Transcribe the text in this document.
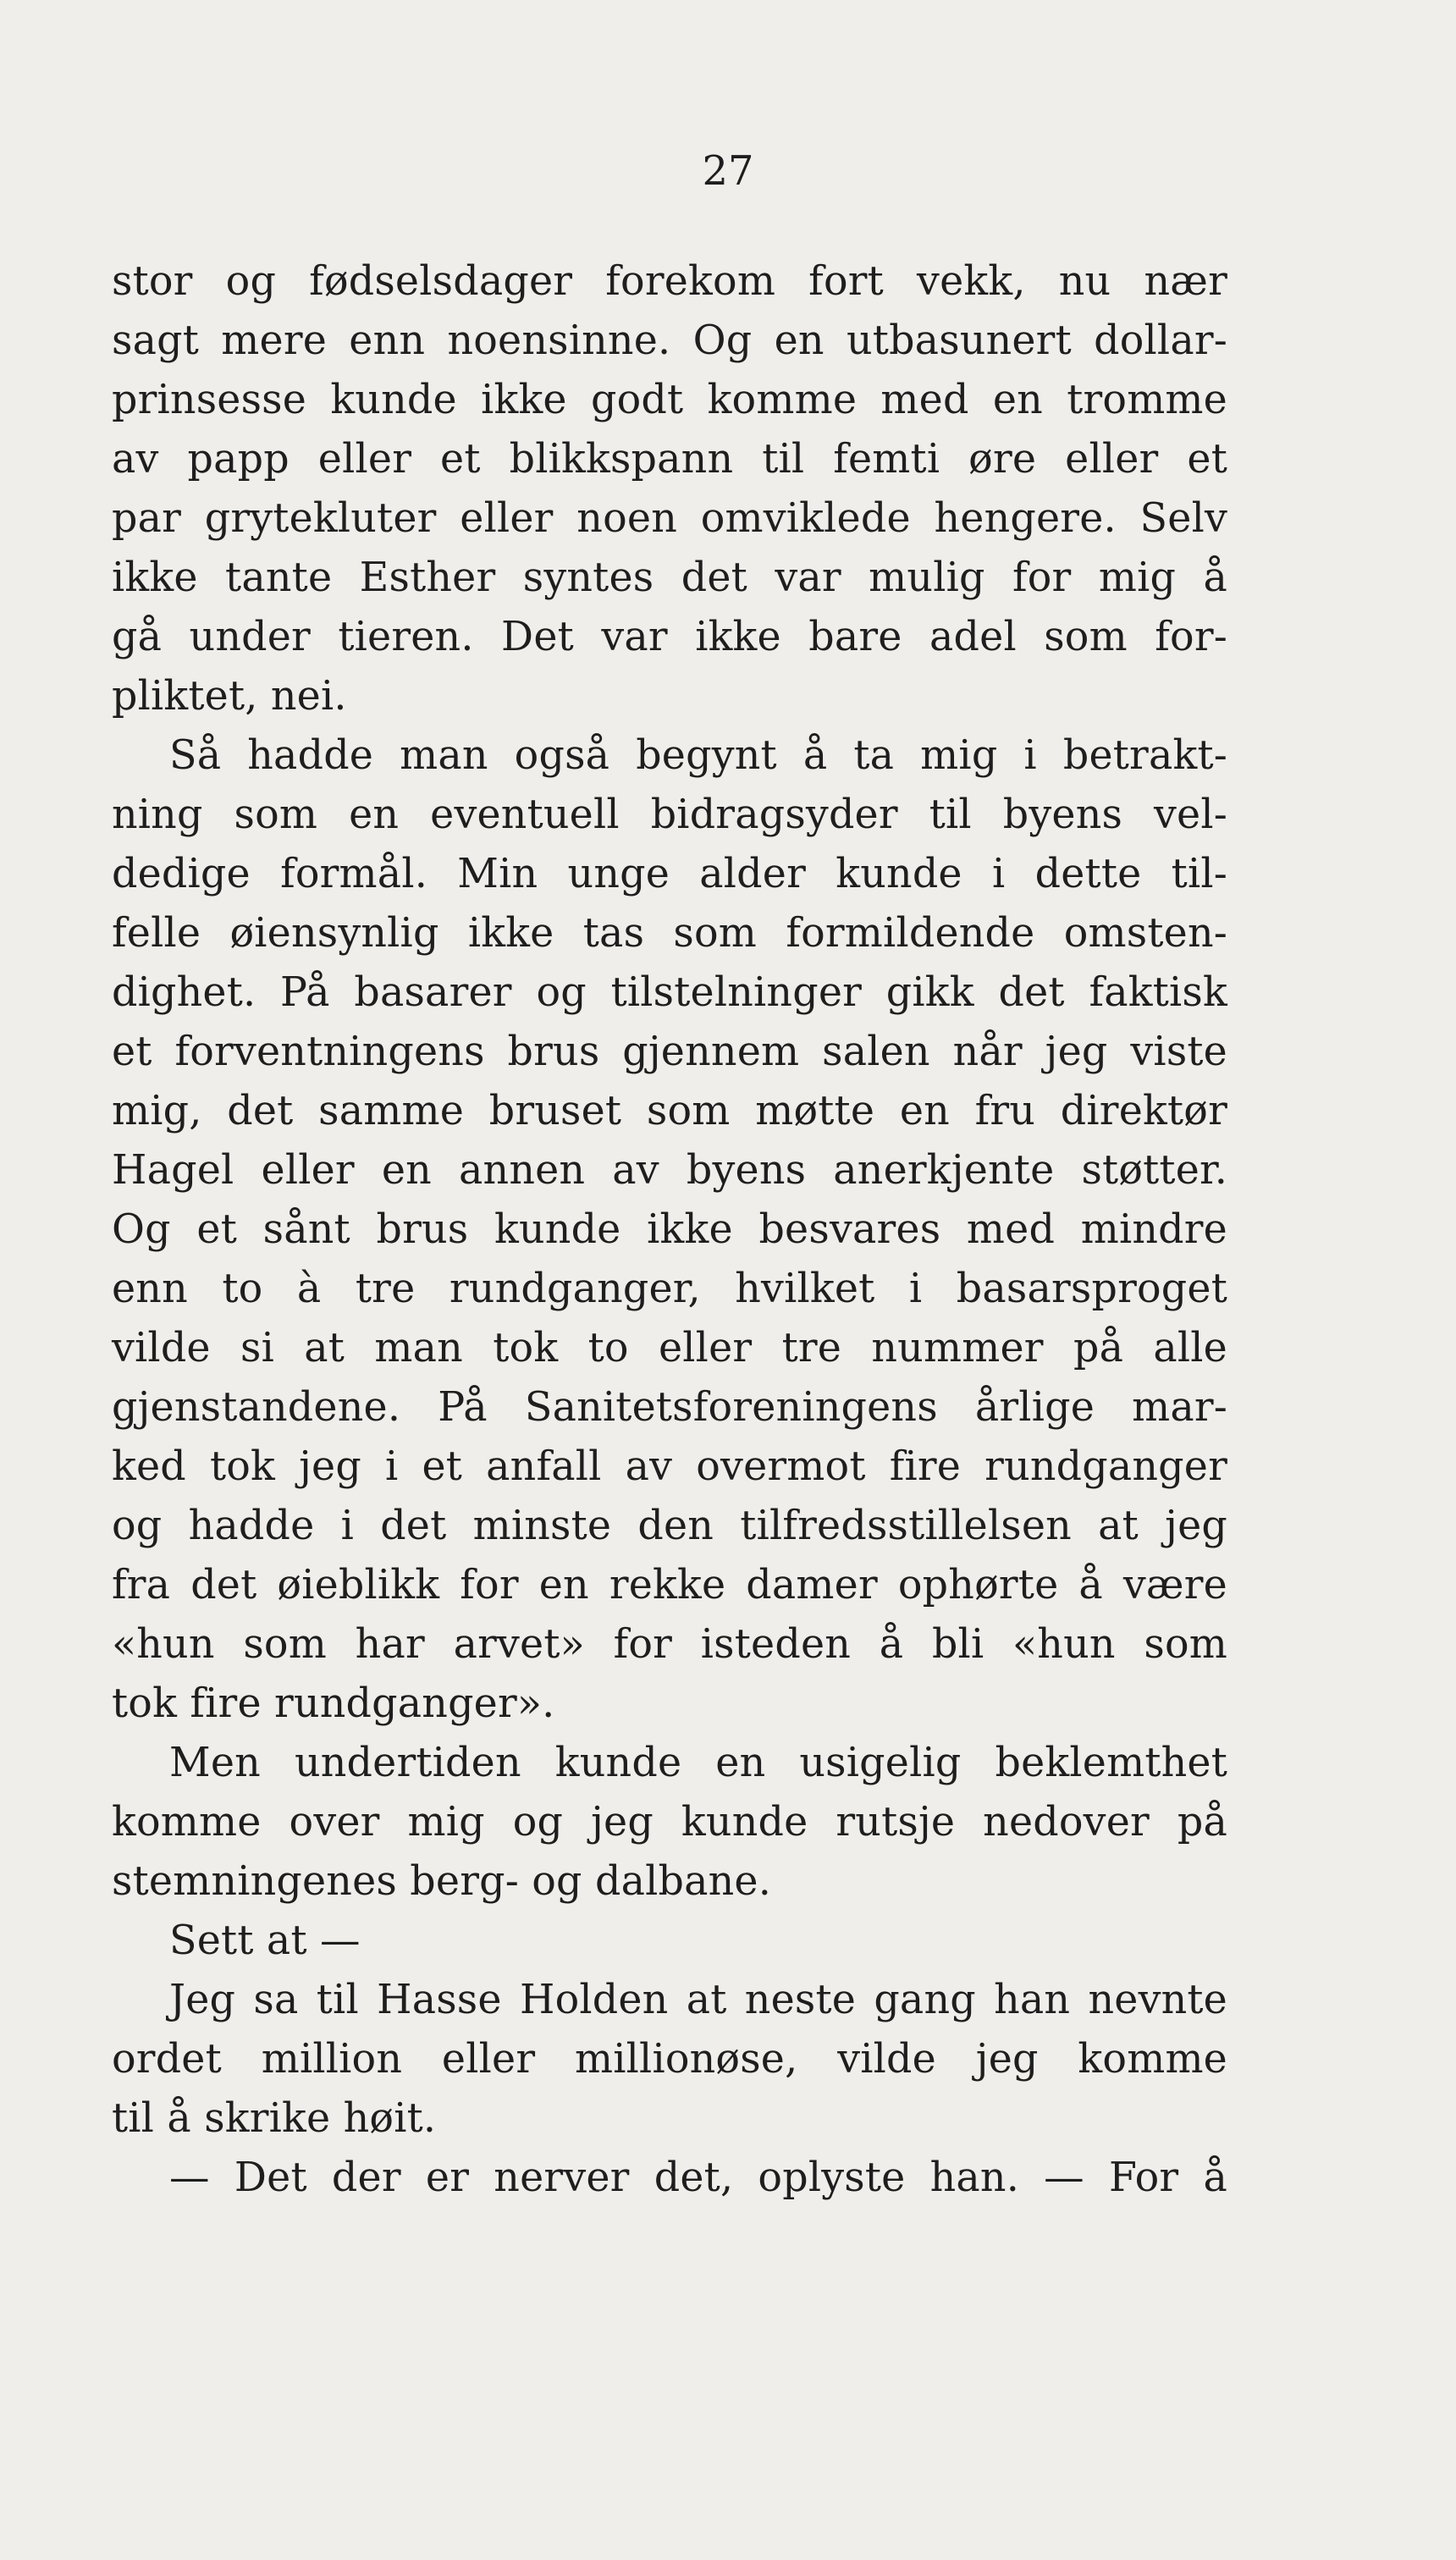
27
stor og fødselsdager forekom fort vekk, nu nær
sagt mere enn noensinne. Og en utbasunert dollar-
prinsesse kunde ikke godt komme med en tromme
av papp eller et blikkspann til femti øre eller et
par grytekluter eller noen omviklede hengere. Selv
ikke tante Esther syntes det var mulig for mig å
gå under tieren. Det var ikke bare adel som for-
pliktet, nei.
Så hadde man også begynt å ta mig i betrakt-
ning som en eventuell bidragsyder til byens vel-
dedige formål. Min unge alder kunde i dette til-
felle øiensynlig ikke tas som formildende omsten-
dighet. På basarer og tilstelninger gikk det faktisk
et forventningens brus gjennem salen når jeg viste
mig, det samme bruset som møtte en fru direktør
Hagel eller en annen av byens anerkjente støtter.
Og et sånt brus kunde ikke besvares med mindre
enn to à tre rundganger, hvilket i basarsproget
vilde si at man tok to eller tre nummer på alle
gjenstandene. På Sanitetsforeningens årlige mar-
ked tok jeg i et anfall av overmot fire rundganger
og hadde i det minste den tilfredsstillelsen at jeg
fra det øieblikk for en rekke damer ophørte å være
«hun som har arvet» for isteden å bli «hun som
tok fire rundganger».
Men undertiden kunde en usigelig beklemthet
komme over mig og jeg kunde rutsje nedover på
stemningenes berg- og dalbane.
Sett at —
Jeg sa til Hasse Holden at neste gang han nevnte
ordet million eller millionøse, vilde jeg komme
til å skrike høit.
— Det der er nerver det, oplyste han. — For å
